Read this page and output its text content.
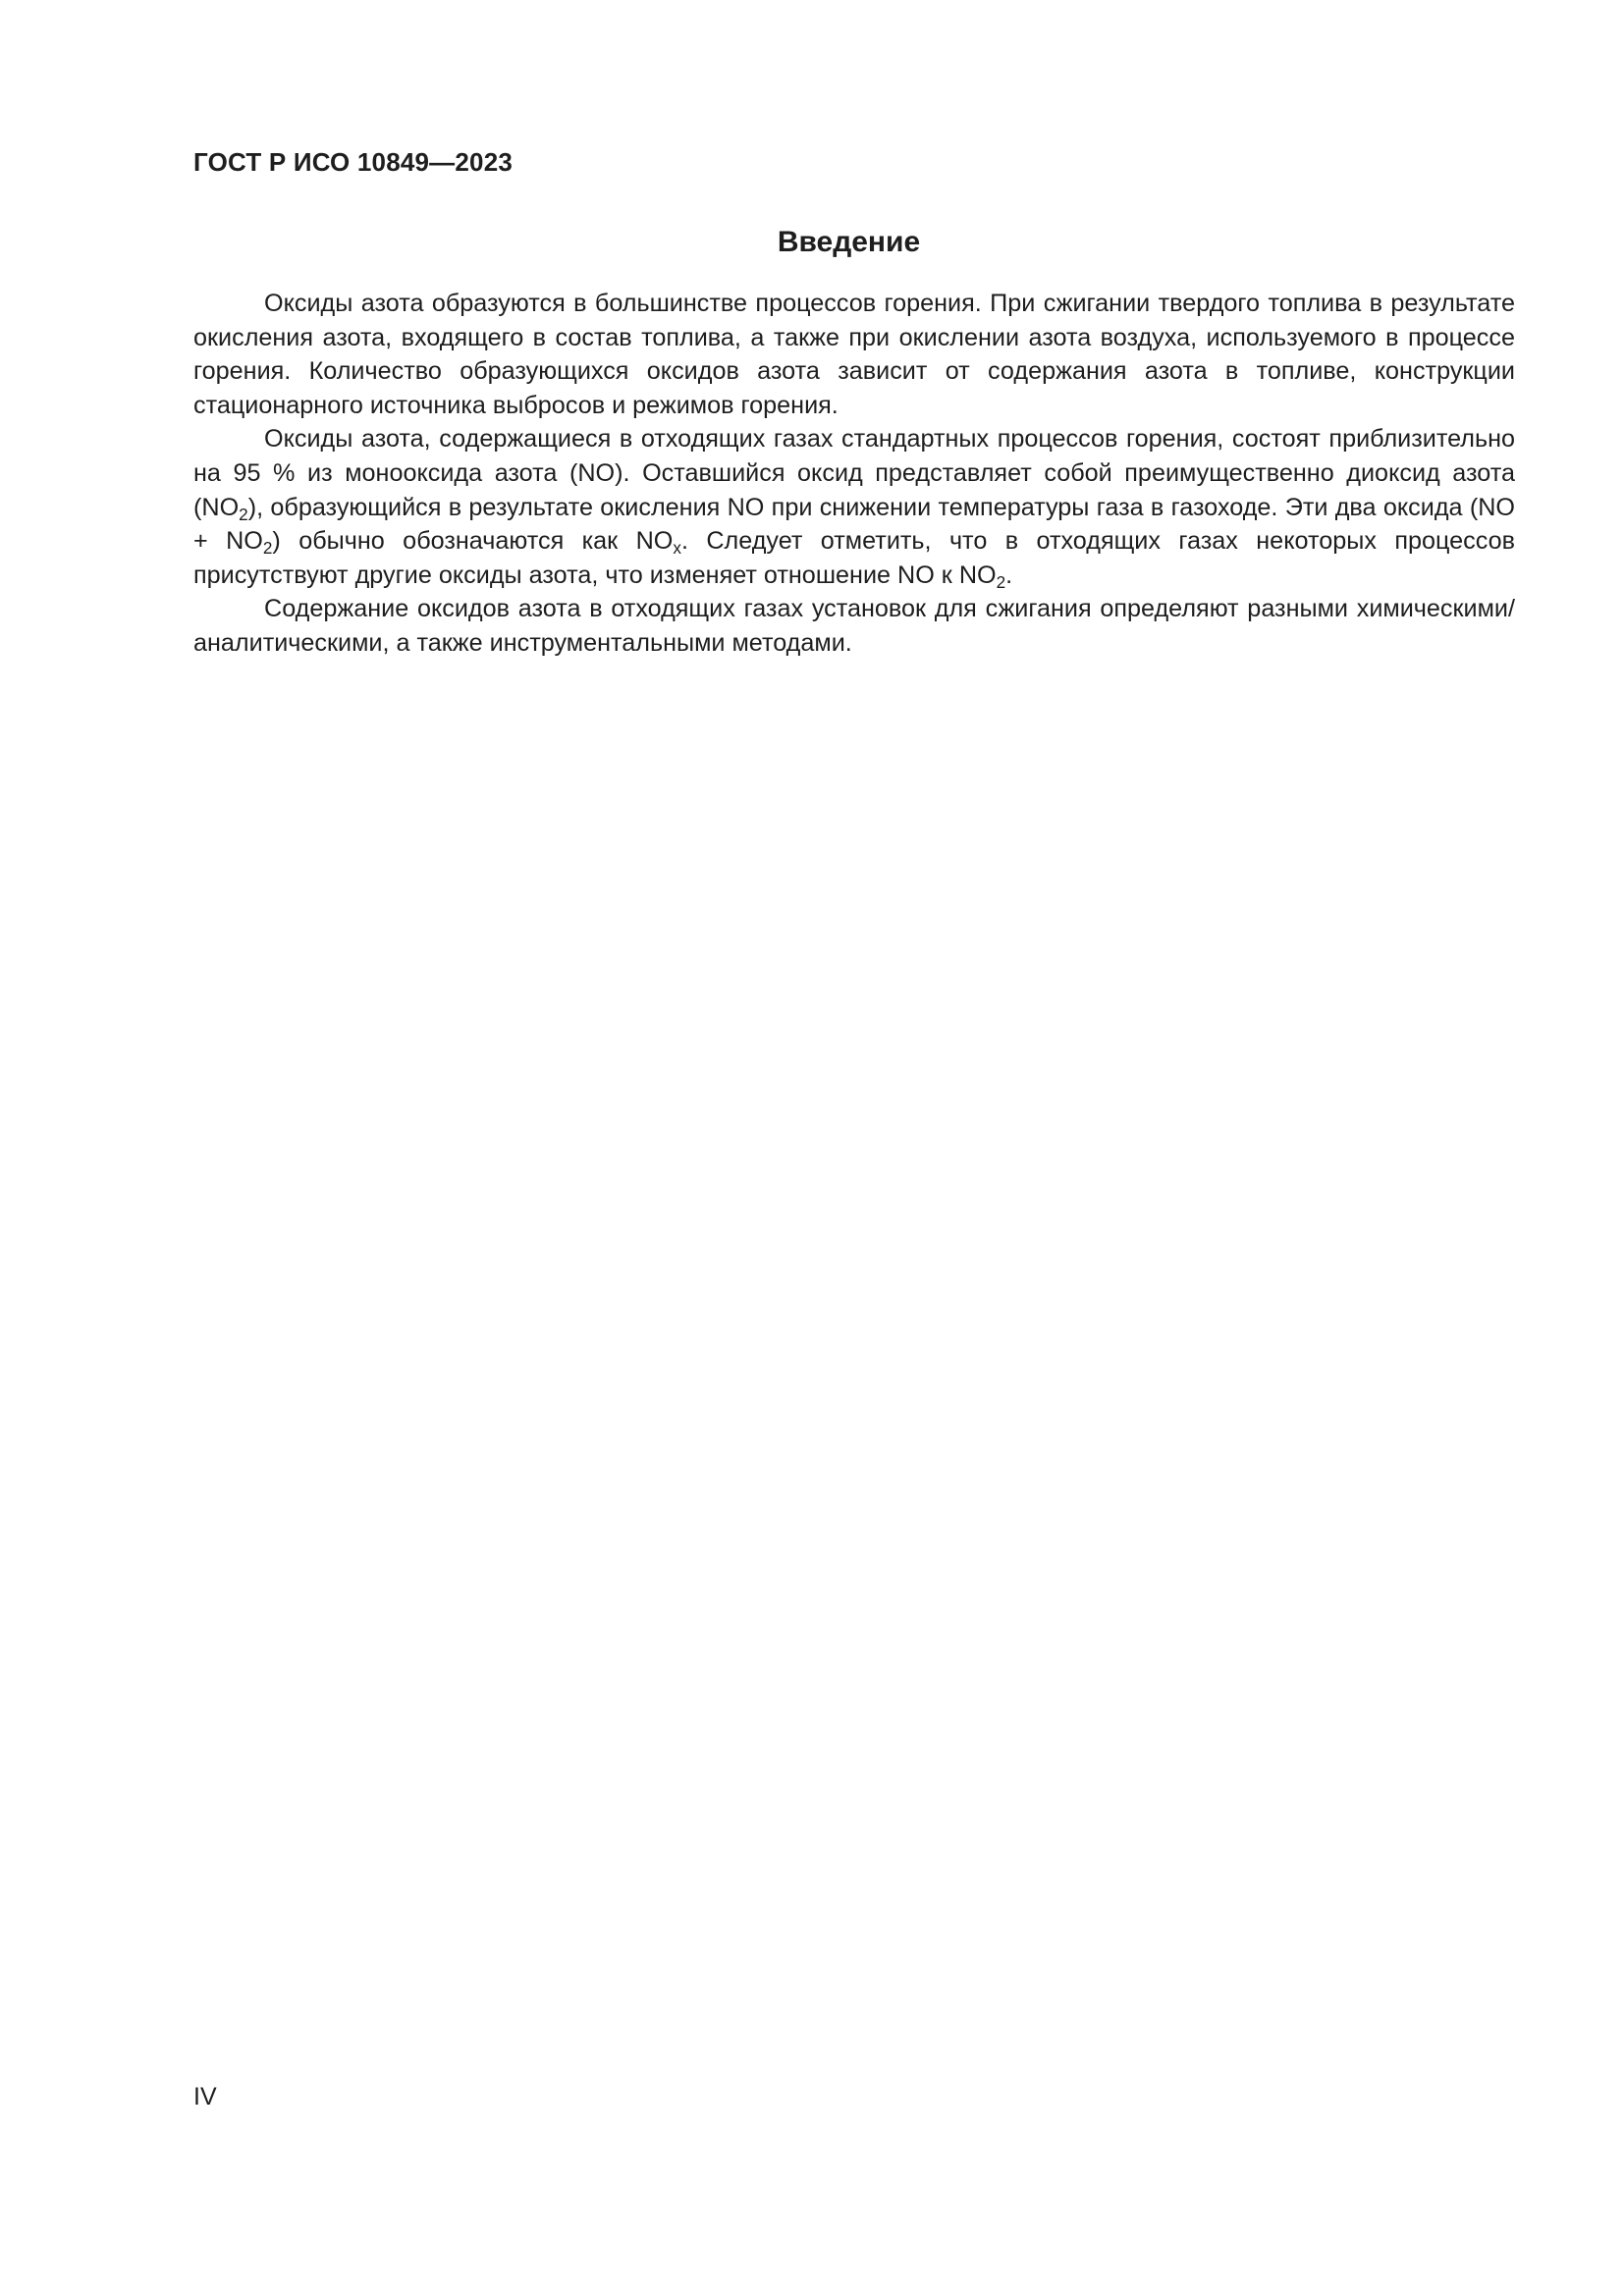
ГОСТ Р ИСО 10849—2023
Введение

Оксиды азота образуются в большинстве процессов горения. При сжигании твердого топлива в результате окисления азота, входящего в состав топлива, а также при окислении азота воздуха, используемого в процессе горения. Количество образующихся оксидов азота зависит от содержания азота в топливе, конструкции стационарного источника выбросов и режимов горения.

Оксиды азота, содержащиеся в отходящих газах стандартных процессов горения, состоят приблизительно на 95 % из монооксида азота (NO). Оставшийся оксид представляет собой преимущественно диоксид азота $(NO_2)$, образующийся в результате окисления NO при снижении температуры газа в газоходе. Эти два оксида $(NO + NO_2)$ обычно обозначаются как $NO_x$. Следует отметить, что в отходящих газах некоторых процессов присутствуют другие оксиды азота, что изменяет отношение NO к $NO_2$.

Содержание оксидов азота в отходящих газах установок для сжигания определяют разными химическими/аналитическими, а также инструментальными методами.

IV
